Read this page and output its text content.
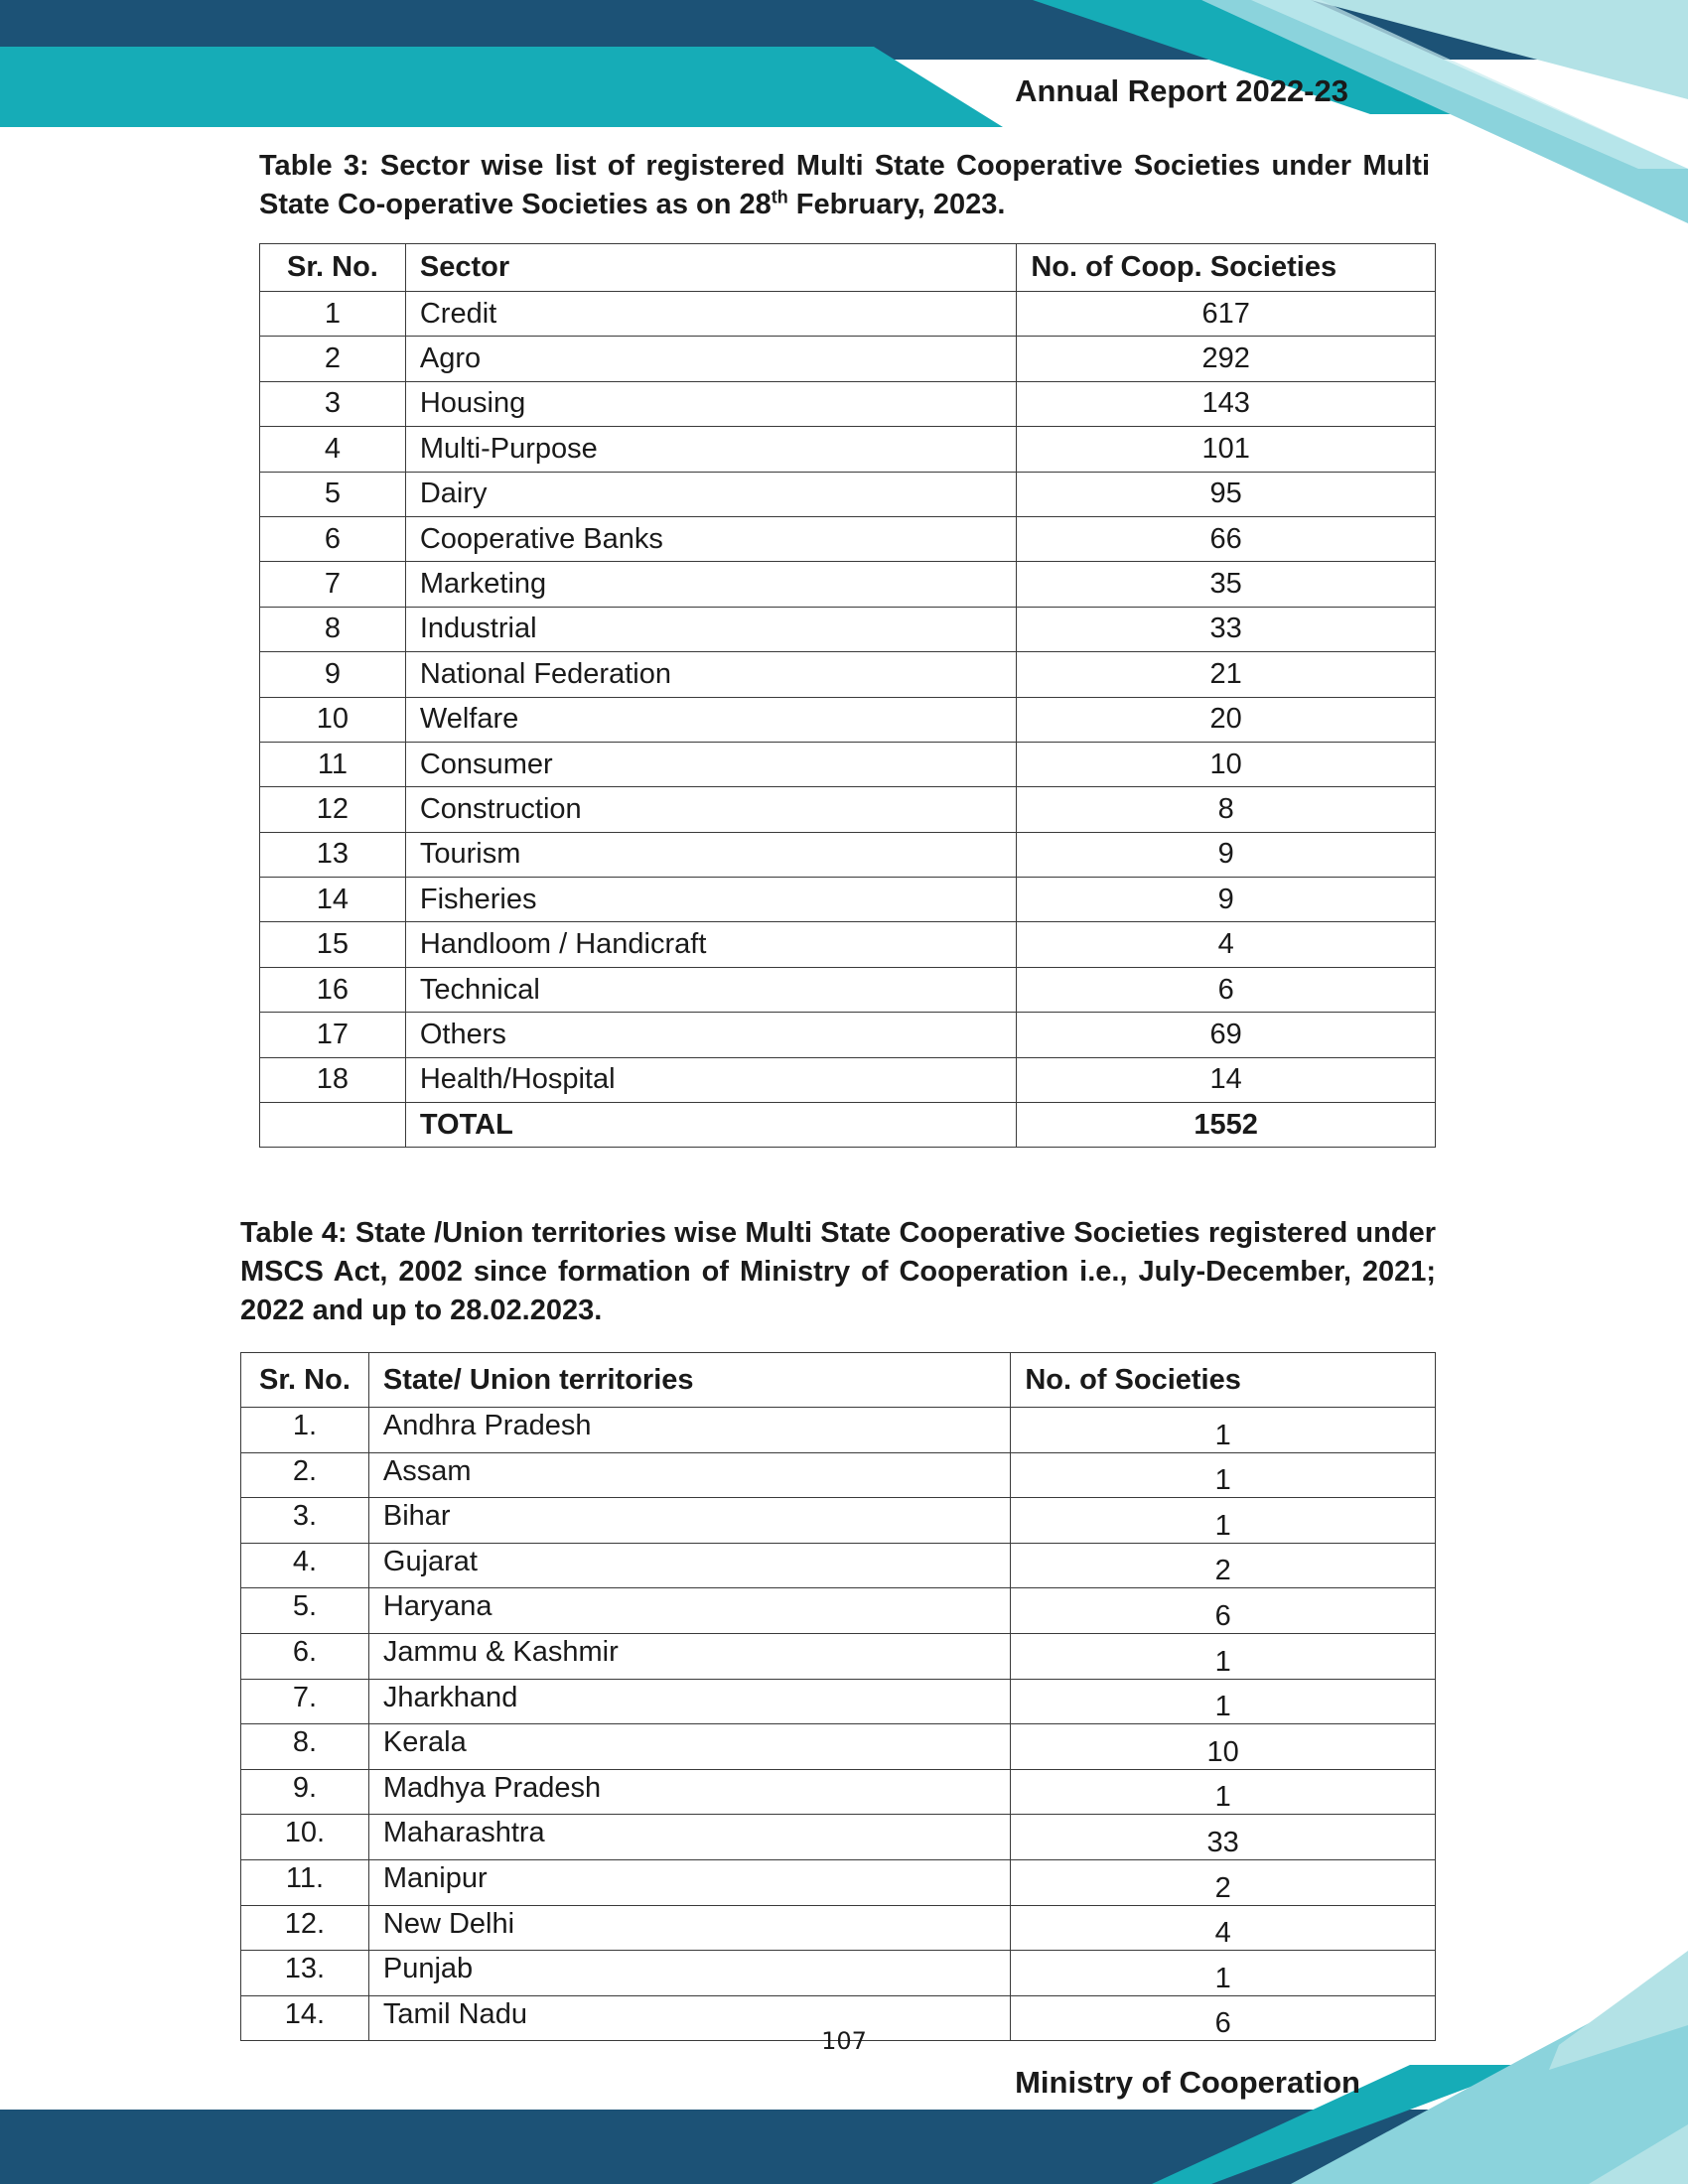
Annual Report 2022-23
Table 3: Sector wise list of registered Multi State Cooperative Societies under Multi State Co-operative Societies as on 28th February, 2023.
Sr. No.	Sector	No. of Coop. Societies
1	Credit	617
2	Agro	292
3	Housing	143
4	Multi-Purpose	101
5	Dairy	95
6	Cooperative Banks	66
7	Marketing	35
8	Industrial	33
9	National Federation	21
10	Welfare	20
11	Consumer	10
12	Construction	8
13	Tourism	9
14	Fisheries	9
15	Handloom / Handicraft	4
16	Technical	6
17	Others	69
18	Health/Hospital	14
	TOTAL	1552
Table 4: State /Union territories wise Multi State Cooperative Societies registered under MSCS Act, 2002 since formation of Ministry of Cooperation i.e., July-December, 2021; 2022 and up to 28.02.2023.
Sr. No.	State/ Union territories	No. of Societies
1.	Andhra Pradesh	1
2.	Assam	1
3.	Bihar	1
4.	Gujarat	2
5.	Haryana	6
6.	Jammu & Kashmir	1
7.	Jharkhand	1
8.	Kerala	10
9.	Madhya Pradesh	1
10.	Maharashtra	33
11.	Manipur	2
12.	New Delhi	4
13.	Punjab	1
14.	Tamil Nadu	6
107
Ministry of Cooperation
